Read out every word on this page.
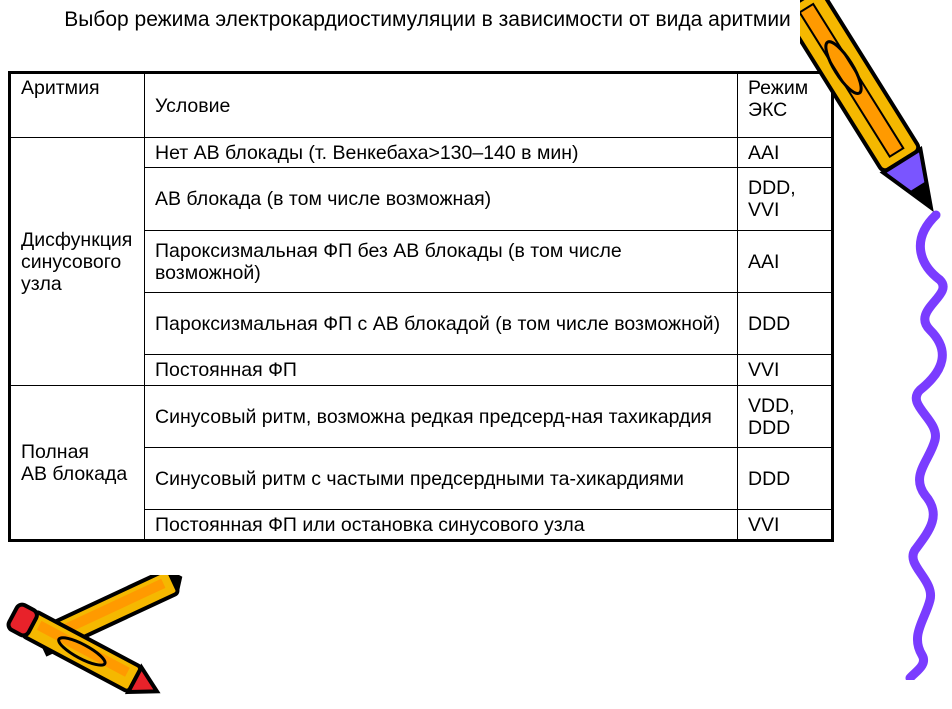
Выбор режима электрокардиостимуляции в зависимости от вида аритмии
Аритмия	Условие	Режим
ЭКС
Дисфункция
синусового
узла	Нет АВ блокады (т. Венкебаха>130–140 в мин)	AAI
	АВ блокада (в том числе возможная)	DDD,
VVI
	Пароксизмальная ФП без АВ блокады (в том числе возможной)	AAI
	Пароксизмальная ФП с АВ блокадой (в том числе возможной)	DDD
	Постоянная ФП	VVI
Полная
АВ блокада	Синусовый ритм, возможна редкая предсерд-ная тахикардия	VDD,
DDD
	Синусовый ритм с частыми предсердными та-хикардиями	DDD
	Постоянная ФП или остановка синусового узла	VVI
